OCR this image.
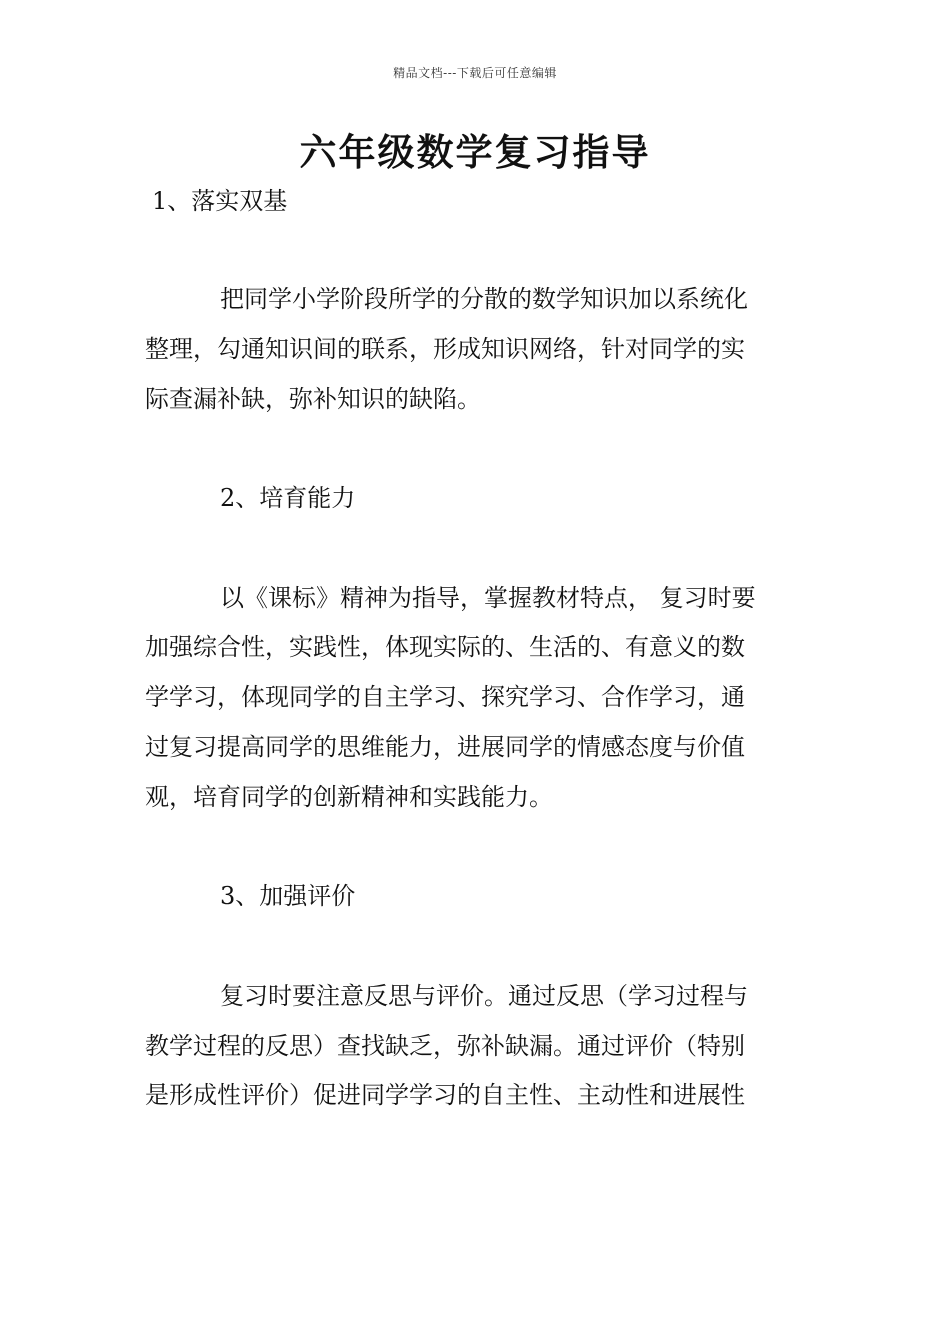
精品文档---下载后可任意编辑
六年级数学复习指导

1、落实双基

把同学小学阶段所学的分散的数学知识加以系统化

整理，勾通知识间的联系，形成知识网络，针对同学的实

际查漏补缺，弥补知识的缺陷。

2、培育能力

以《课标》精神为指导，掌握教材特点， 复习时要

加强综合性，实践性，体现实际的、生活的、有意义的数

学学习，体现同学的自主学习、探究学习、合作学习，通

过复习提高同学的思维能力，进展同学的情感态度与价值

观，培育同学的创新精神和实践能力。

3、加强评价

复习时要注意反思与评价。通过反思（学习过程与

教学过程的反思）查找缺乏，弥补缺漏。通过评价（特别

是形成性评价）促进同学学习的自主性、主动性和进展性
